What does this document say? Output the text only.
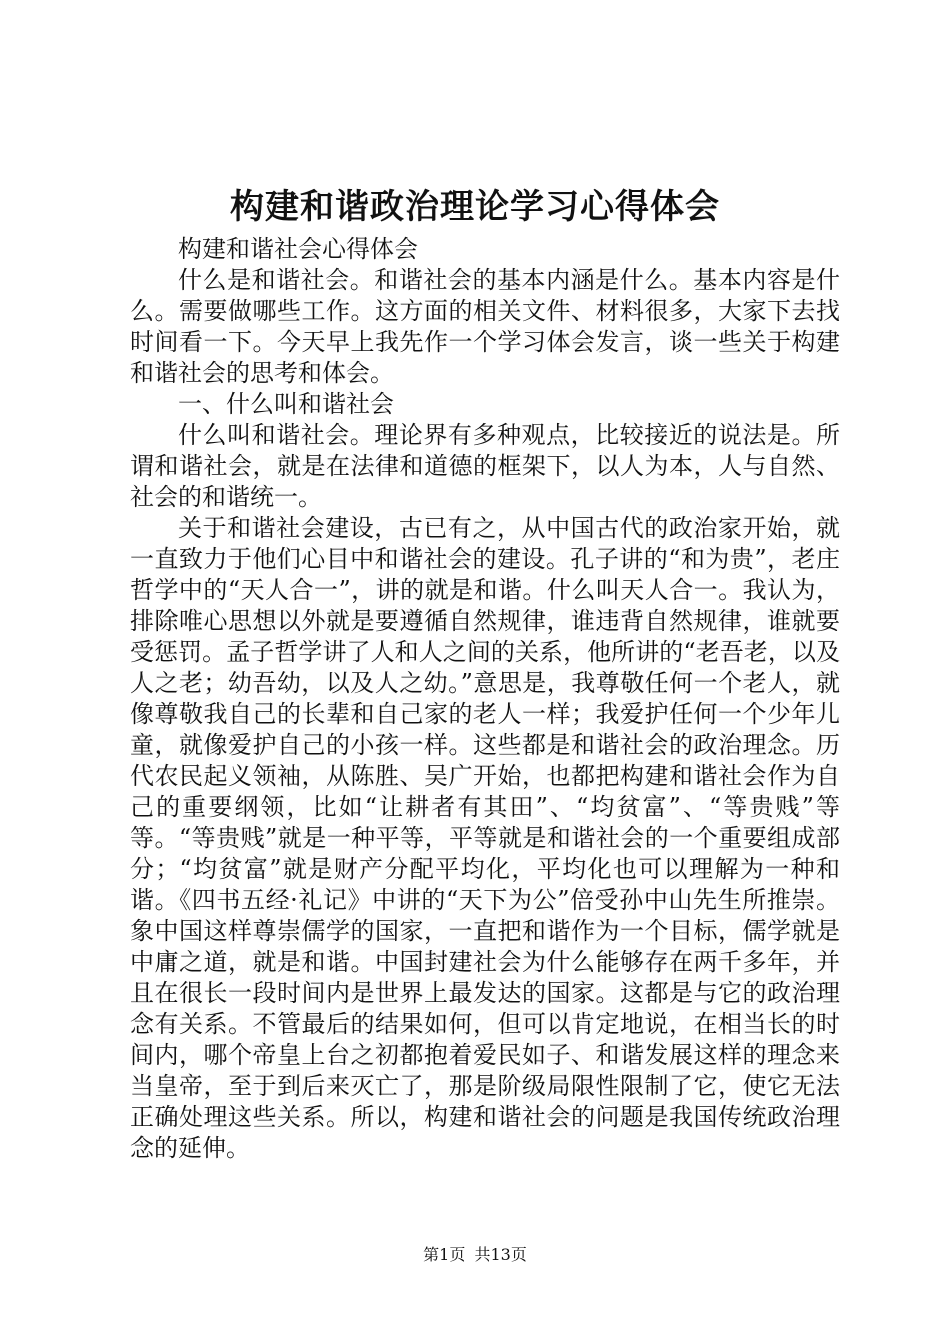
构建和谐政治理论学习心得体会

构建和谐社会心得体会

什么是和谐社会。和谐社会的基本内涵是什么。基本内容是什么。需要做哪些工作。这方面的相关文件、材料很多，大家下去找时间看一下。今天早上我先作一个学习体会发言，谈一些关于构建和谐社会的思考和体会。

一、什么叫和谐社会

什么叫和谐社会。理论界有多种观点，比较接近的说法是。所谓和谐社会，就是在法律和道德的框架下，以人为本，人与自然、社会的和谐统一。

关于和谐社会建设，古已有之，从中国古代的政治家开始，就一直致力于他们心目中和谐社会的建设。孔子讲的“和为贵”，老庄哲学中的“天人合一”，讲的就是和谐。什么叫天人合一。我认为，排除唯心思想以外就是要遵循自然规律，谁违背自然规律，谁就要受惩罚。孟子哲学讲了人和人之间的关系，他所讲的“老吾老，以及人之老；幼吾幼，以及人之幼。”意思是，我尊敬任何一个老人，就像尊敬我自己的长辈和自己家的老人一样；我爱护任何一个少年儿童，就像爱护自己的小孩一样。这些都是和谐社会的政治理念。历代农民起义领袖，从陈胜、吴广开始，也都把构建和谐社会作为自己的重要纲领，比如“让耕者有其田”、“均贫富”、“等贵贱”等等。“等贵贱”就是一种平等，平等就是和谐社会的一个重要组成部分；“均贫富”就是财产分配平均化，平均化也可以理解为一种和谐。《四书五经·礼记》中讲的“天下为公”倍受孙中山先生所推崇。象中国这样尊崇儒学的国家，一直把和谐作为一个目标，儒学就是中庸之道，就是和谐。中国封建社会为什么能够存在两千多年，并且在很长一段时间内是世界上最发达的国家。这都是与它的政治理念有关系。不管最后的结果如何，但可以肯定地说，在相当长的时间内，哪个帝皇上台之初都抱着爱民如子、和谐发展这样的理念来当皇帝，至于到后来灭亡了，那是阶级局限性限制了它，使它无法正确处理这些关系。所以，构建和谐社会的问题是我国传统政治理念的延伸。

第1页 共13页
